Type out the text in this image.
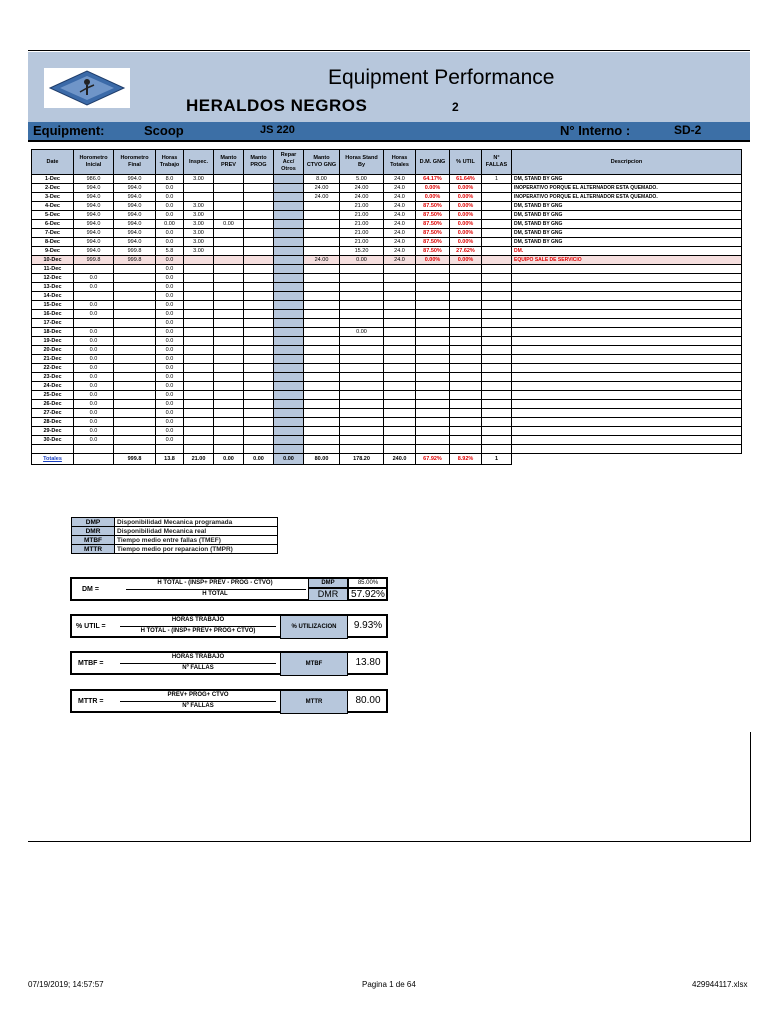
Equipment Performance
HERALDOS NEGROS	2
Equipment:	Scoop	JS 220	N° Interno :	SD-2
Date	Horometro Inicial	Horometro Final	Horas Trabajo	Inspec.	Manto PREV	Manto PROG	Repar Acc/ Otros	Manto CTVO GNG	Horas Stand By	Horas Totales	D.M. GNG	% UTIL	N° FALLAS	Descripcion
1-Dec	986.0	994.0	8.0	3.00				8.00	5.00	24.0	64.17%	61.64%	1	DM, STAND BY GNG
2-Dec	994.0	994.0	0.0					24.00	24.00	24.0	0.00%	0.00%		INOPERATIVO PORQUE EL ALTERNADOR ESTA QUEMADO.
3-Dec	994.0	994.0	0.0					24.00	24.00	24.0	0.00%	0.00%		INOPERATIVO PORQUE EL ALTERNADOR ESTA QUEMADO.
4-Dec	994.0	994.0	0.0	3.00					21.00	24.0	87.50%	0.00%		DM, STAND BY GNG
5-Dec	994.0	994.0	0.0	3.00					21.00	24.0	87.50%	0.00%		DM, STAND BY GNG
6-Dec	994.0	994.0	0.00	3.00	0.00				21.00	24.0	87.50%	0.00%		DM, STAND BY GNG
7-Dec	994.0	994.0	0.0	3.00					21.00	24.0	87.50%	0.00%		DM, STAND BY GNG
8-Dec	994.0	994.0	0.0	3.00					21.00	24.0	87.50%	0.00%		DM, STAND BY GNG
9-Dec	994.0	999.8	5.8	3.00					15.20	24.0	87.50%	27.62%		DM.
10-Dec	999.8	999.8	0.0					24.00	0.00	24.0	0.00%	0.00%		EQUIPO SALE DE SERVICIO
11-Dec			0.0											
12-Dec	0.0		0.0											
13-Dec	0.0		0.0											
14-Dec			0.0											
15-Dec	0.0		0.0											
16-Dec	0.0		0.0											
17-Dec			0.0											
18-Dec	0.0		0.0						0.00					
19-Dec	0.0		0.0											
20-Dec	0.0		0.0											
21-Dec	0.0		0.0											
22-Dec	0.0		0.0											
23-Dec	0.0		0.0											
24-Dec	0.0		0.0											
25-Dec	0.0		0.0											
26-Dec	0.0		0.0											
27-Dec	0.0		0.0											
28-Dec	0.0		0.0											
29-Dec	0.0		0.0											
30-Dec	0.0		0.0											

Totales		999.8	13.8	21.00	0.00	0.00	0.00	80.00	178.20	240.0	67.92%	8.92%	1	
DMP	Disponibilidad Mecanica programada
DMR	Disponibilidad Mecanica real
MTBF	Tiempo medio entre fallas (TMEF)
MTTR	Tiempo medio por reparacion (TMPR)
DM =
H TOTAL - (INSP+ PREV - PROG - CTVO)
H TOTAL
DMP	85.00%
DMR	57.92%
% UTIL =
HORAS TRABAJO
H TOTAL - (INSP+ PREV+ PROG+ CTVO)
% UTILIZACION	9.93%
MTBF =
HORAS TRABAJO
Nº FALLAS
MTBF	13.80
MTTR =
PREV+ PROG+ CTVO
Nº FALLAS
MTTR	80.00
07/19/2019; 14:57:57	Pagina 1 de 64	429944117.xlsx
